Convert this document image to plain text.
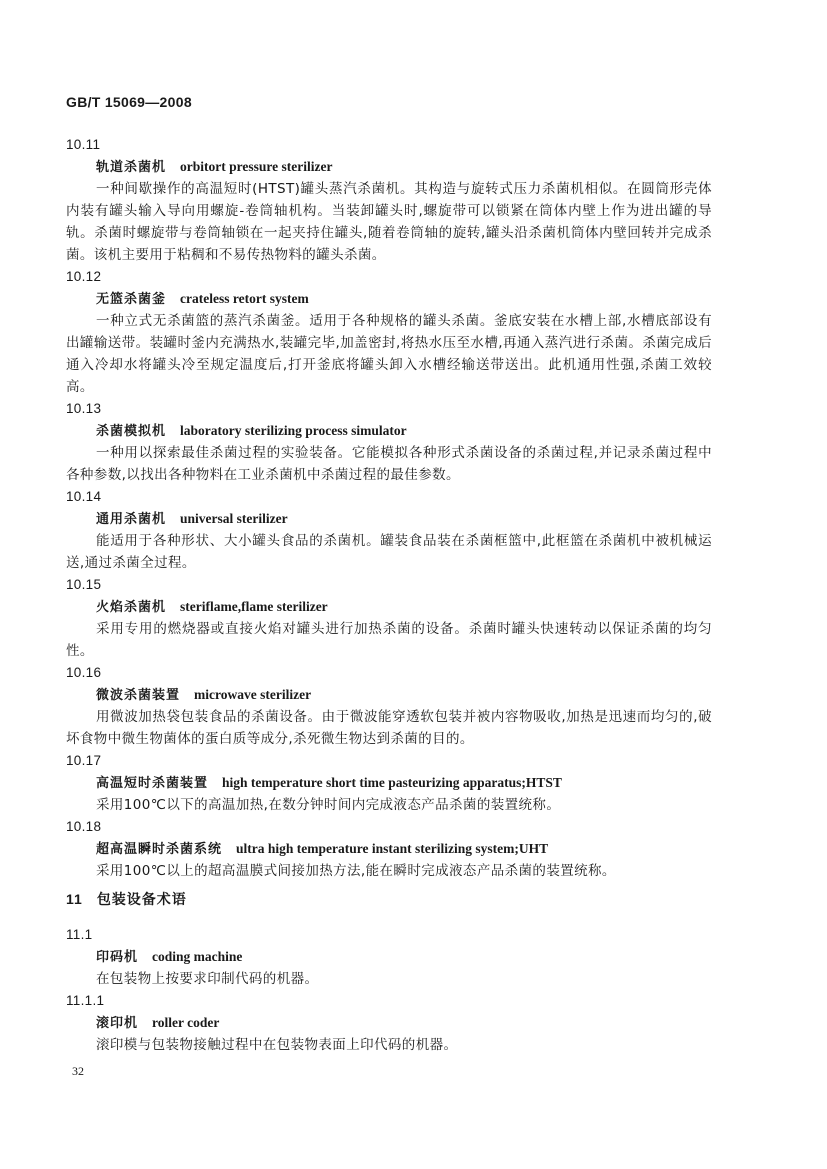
GB/T 15069—2008
10.11
轨道杀菌机 orbitort pressure sterilizer
一种间歇操作的高温短时(HTST)罐头蒸汽杀菌机。其构造与旋转式压力杀菌机相似。在圆筒形壳体内装有罐头输入导向用螺旋-卷筒轴机构。当装卸罐头时,螺旋带可以锁紧在筒体内壁上作为进出罐的导轨。杀菌时螺旋带与卷筒轴锁在一起夹持住罐头,随着卷筒轴的旋转,罐头沿杀菌机筒体内壁回转并完成杀菌。该机主要用于粘稠和不易传热物料的罐头杀菌。
10.12
无篮杀菌釜 crateless retort system
一种立式无杀菌篮的蒸汽杀菌釜。适用于各种规格的罐头杀菌。釜底安装在水槽上部,水槽底部设有出罐输送带。装罐时釜内充满热水,装罐完毕,加盖密封,将热水压至水槽,再通入蒸汽进行杀菌。杀菌完成后通入冷却水将罐头冷至规定温度后,打开釜底将罐头卸入水槽经输送带送出。此机通用性强,杀菌工效较高。
10.13
杀菌模拟机 laboratory sterilizing process simulator
一种用以探索最佳杀菌过程的实验装备。它能模拟各种形式杀菌设备的杀菌过程,并记录杀菌过程中各种参数,以找出各种物料在工业杀菌机中杀菌过程的最佳参数。
10.14
通用杀菌机 universal sterilizer
能适用于各种形状、大小罐头食品的杀菌机。罐装食品装在杀菌框篮中,此框篮在杀菌机中被机械运送,通过杀菌全过程。
10.15
火焰杀菌机 steriflame,flame sterilizer
采用专用的燃烧器或直接火焰对罐头进行加热杀菌的设备。杀菌时罐头快速转动以保证杀菌的均匀性。
10.16
微波杀菌装置 microwave sterilizer
用微波加热袋包装食品的杀菌设备。由于微波能穿透软包装并被内容物吸收,加热是迅速而均匀的,破坏食物中微生物菌体的蛋白质等成分,杀死微生物达到杀菌的目的。
10.17
高温短时杀菌装置 high temperature short time pasteurizing apparatus;HTST
采用100℃以下的高温加热,在数分钟时间内完成液态产品杀菌的装置统称。
10.18
超高温瞬时杀菌系统 ultra high temperature instant sterilizing system;UHT
采用100℃以上的超高温膜式间接加热方法,能在瞬时完成液态产品杀菌的装置统称。
11 包装设备术语
11.1
印码机 coding machine
在包装物上按要求印制代码的机器。
11.1.1
滚印机 roller coder
滚印模与包装物接触过程中在包装物表面上印代码的机器。
32
